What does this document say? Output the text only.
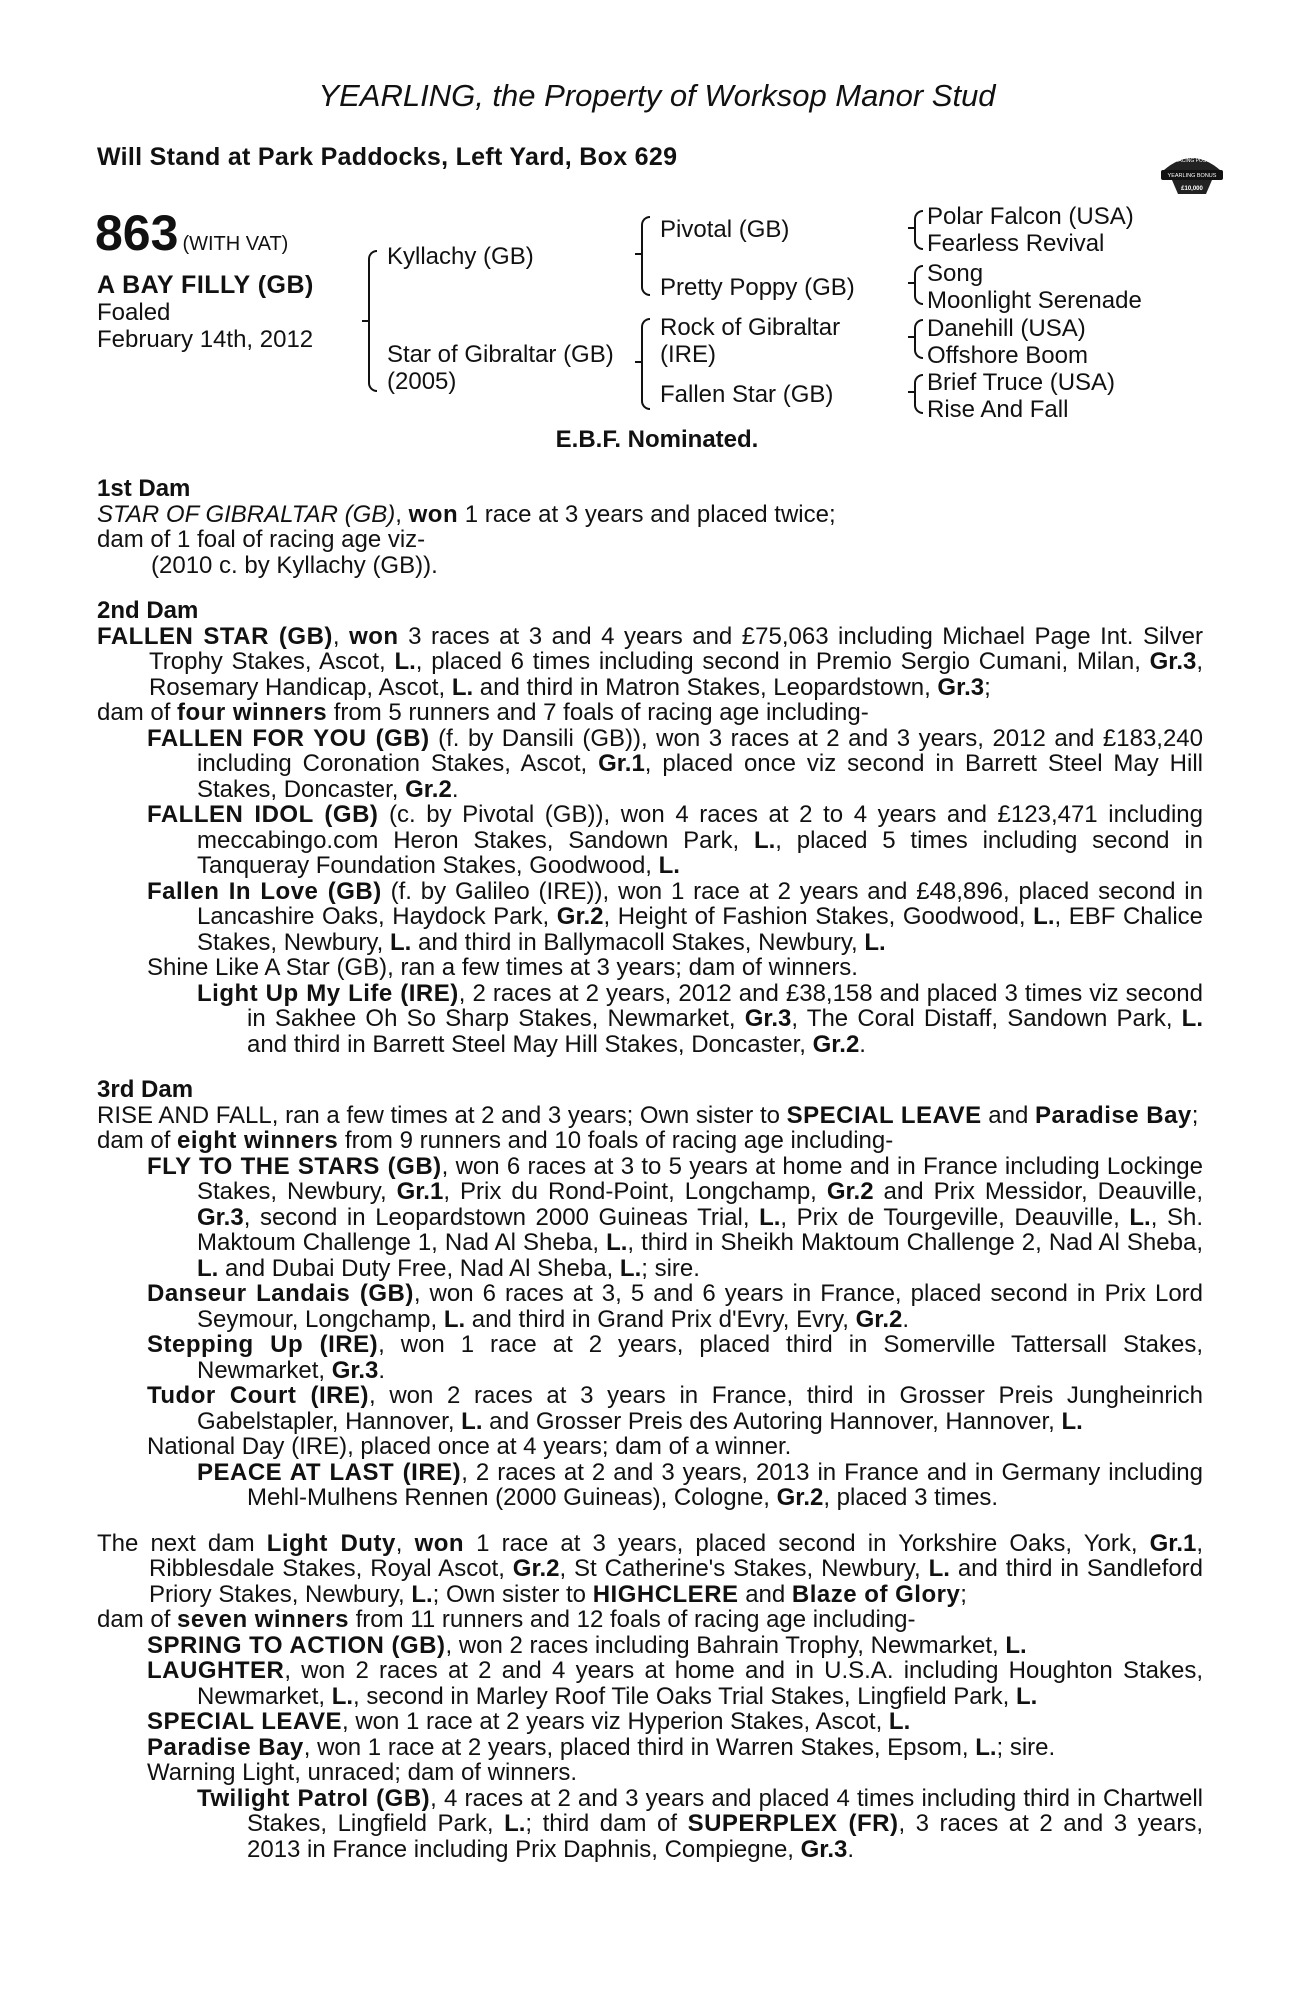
YEARLING, the Property of Worksop Manor Stud
Will Stand at Park Paddocks, Left Yard, Box 629	RACING POST
YEARLING BONUS
£10,000
863 (WITH VAT)
A BAY FILLY (GB)
Foaled
February 14th, 2012
Kyllachy (GB)
Star of Gibraltar (GB)
(2005)
Pivotal (GB)
Pretty Poppy (GB)
Rock of Gibraltar
(IRE)
Fallen Star (GB)
Polar Falcon (USA)
Fearless Revival
Song
Moonlight Serenade
Danehill (USA)
Offshore Boom
Brief Truce (USA)
Rise And Fall
E.B.F. Nominated.
1st Dam
STAR OF GIBRALTAR (GB), won 1 race at 3 years and placed twice;
dam of 1 foal of racing age viz-
(2010 c. by Kyllachy (GB)).
2nd Dam
FALLEN STAR (GB), won 3 races at 3 and 4 years and £75,063 including Michael Page Int. Silver Trophy Stakes, Ascot, L., placed 6 times including second in Premio Sergio Cumani, Milan, Gr.3, Rosemary Handicap, Ascot, L. and third in Matron Stakes, Leopardstown, Gr.3;
dam of four winners from 5 runners and 7 foals of racing age including-
FALLEN FOR YOU (GB) (f. by Dansili (GB)), won 3 races at 2 and 3 years, 2012 and £183,240 including Coronation Stakes, Ascot, Gr.1, placed once viz second in Barrett Steel May Hill Stakes, Doncaster, Gr.2.
FALLEN IDOL (GB) (c. by Pivotal (GB)), won 4 races at 2 to 4 years and £123,471 including meccabingo.com Heron Stakes, Sandown Park, L., placed 5 times including second in Tanqueray Foundation Stakes, Goodwood, L.
Fallen In Love (GB) (f. by Galileo (IRE)), won 1 race at 2 years and £48,896, placed second in Lancashire Oaks, Haydock Park, Gr.2, Height of Fashion Stakes, Goodwood, L., EBF Chalice Stakes, Newbury, L. and third in Ballymacoll Stakes, Newbury, L.
Shine Like A Star (GB), ran a few times at 3 years; dam of winners.
Light Up My Life (IRE), 2 races at 2 years, 2012 and £38,158 and placed 3 times viz second in Sakhee Oh So Sharp Stakes, Newmarket, Gr.3, The Coral Distaff, Sandown Park, L. and third in Barrett Steel May Hill Stakes, Doncaster, Gr.2.
3rd Dam
RISE AND FALL, ran a few times at 2 and 3 years; Own sister to SPECIAL LEAVE and Paradise Bay;
dam of eight winners from 9 runners and 10 foals of racing age including-
FLY TO THE STARS (GB), won 6 races at 3 to 5 years at home and in France including Lockinge Stakes, Newbury, Gr.1, Prix du Rond-Point, Longchamp, Gr.2 and Prix Messidor, Deauville, Gr.3, second in Leopardstown 2000 Guineas Trial, L., Prix de Tourgeville, Deauville, L., Sh. Maktoum Challenge 1, Nad Al Sheba, L., third in Sheikh Maktoum Challenge 2, Nad Al Sheba, L. and Dubai Duty Free, Nad Al Sheba, L.; sire.
Danseur Landais (GB), won 6 races at 3, 5 and 6 years in France, placed second in Prix Lord Seymour, Longchamp, L. and third in Grand Prix d'Evry, Evry, Gr.2.
Stepping Up (IRE), won 1 race at 2 years, placed third in Somerville Tattersall Stakes, Newmarket, Gr.3.
Tudor Court (IRE), won 2 races at 3 years in France, third in Grosser Preis Jungheinrich Gabelstapler, Hannover, L. and Grosser Preis des Autoring Hannover, Hannover, L.
National Day (IRE), placed once at 4 years; dam of a winner.
PEACE AT LAST (IRE), 2 races at 2 and 3 years, 2013 in France and in Germany including Mehl-Mulhens Rennen (2000 Guineas), Cologne, Gr.2, placed 3 times.
The next dam Light Duty, won 1 race at 3 years, placed second in Yorkshire Oaks, York, Gr.1, Ribblesdale Stakes, Royal Ascot, Gr.2, St Catherine's Stakes, Newbury, L. and third in Sandleford Priory Stakes, Newbury, L.; Own sister to HIGHCLERE and Blaze of Glory;
dam of seven winners from 11 runners and 12 foals of racing age including-
SPRING TO ACTION (GB), won 2 races including Bahrain Trophy, Newmarket, L.
LAUGHTER, won 2 races at 2 and 4 years at home and in U.S.A. including Houghton Stakes, Newmarket, L., second in Marley Roof Tile Oaks Trial Stakes, Lingfield Park, L.
SPECIAL LEAVE, won 1 race at 2 years viz Hyperion Stakes, Ascot, L.
Paradise Bay, won 1 race at 2 years, placed third in Warren Stakes, Epsom, L.; sire.
Warning Light, unraced; dam of winners.
Twilight Patrol (GB), 4 races at 2 and 3 years and placed 4 times including third in Chartwell Stakes, Lingfield Park, L.; third dam of SUPERPLEX (FR), 3 races at 2 and 3 years, 2013 in France including Prix Daphnis, Compiegne, Gr.3.
